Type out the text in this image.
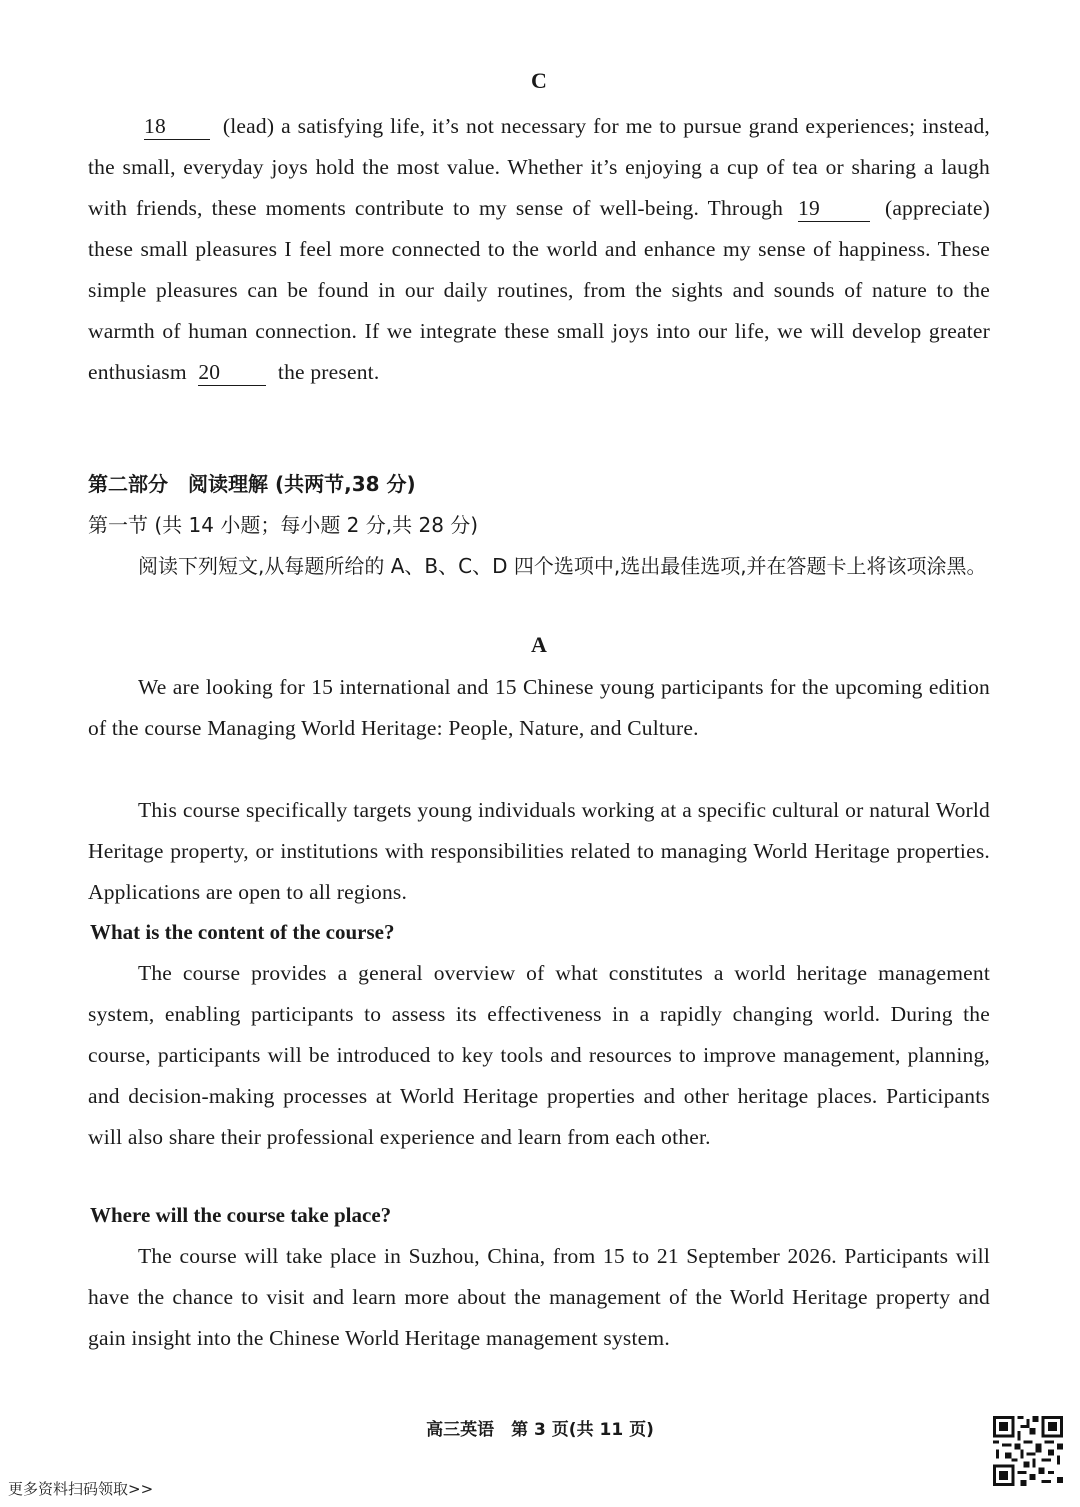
C
18	(lead) a satisfying life, it’s not necessary for me to pursue grand experiences; instead, the small, everyday joys hold the most value. Whether it’s enjoying a cup of tea or sharing a laugh with friends, these moments contribute to my sense of well-being. Through 19	(appreciate) these small pleasures I feel more connected to the world and enhance my sense of happiness. These simple pleasures can be found in our daily routines, from the sights and sounds of nature to the warmth of human connection. If we integrate these small joys into our life, we will develop greater enthusiasm 20	the present.
第二部分　阅读理解 (共两节,38 分)
第一节 (共 14 小题；每小题 2 分,共 28 分)
阅读下列短文,从每题所给的 A、B、C、D 四个选项中,选出最佳选项,并在答题卡上将该项涂黑。
A
We are looking for 15 international and 15 Chinese young participants for the upcoming edition of the course Managing World Heritage: People, Nature, and Culture.
This course specifically targets young individuals working at a specific cultural or natural World Heritage property, or institutions with responsibilities related to managing World Heritage properties. Applications are open to all regions.
What is the content of the course?
The course provides a general overview of what constitutes a world heritage management system, enabling participants to assess its effectiveness in a rapidly changing world. During the course, participants will be introduced to key tools and resources to improve management, planning, and decision-making processes at World Heritage properties and other heritage places. Participants will also share their professional experience and learn from each other.
Where will the course take place?
The course will take place in Suzhou, China, from 15 to 21 September 2026. Participants will have the chance to visit and learn more about the management of the World Heritage property and gain insight into the Chinese World Heritage management system.
高三英语　第 3 页(共 11 页)
更多资料扫码领取>>
